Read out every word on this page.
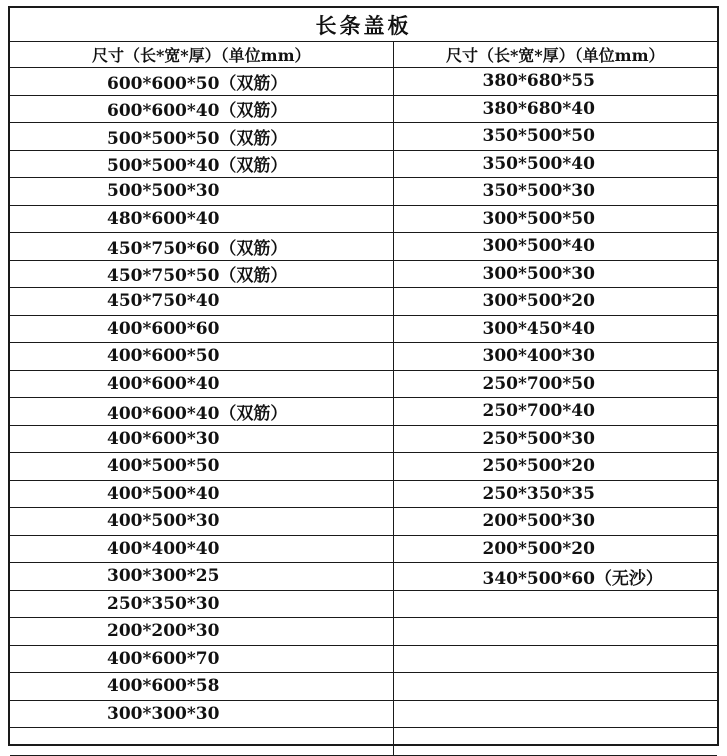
长条盖板	
尺寸（长*宽*厚）（单位mm）	尺寸（长*宽*厚）（单位mm）
600*600*50（双筋）	380*680*55
600*600*40（双筋）	380*680*40
500*500*50（双筋）	350*500*50
500*500*40（双筋）	350*500*40
500*500*30	350*500*30
480*600*40	300*500*50
450*750*60（双筋）	300*500*40
450*750*50（双筋）	300*500*30
450*750*40	300*500*20
400*600*60	300*450*40
400*600*50	300*400*30
400*600*40	250*700*50
400*600*40（双筋）	250*700*40
400*600*30	250*500*30
400*500*50	250*500*20
400*500*40	250*350*35
400*500*30	200*500*30
400*400*40	200*500*20
300*300*25	340*500*60（无沙）
250*350*30	
200*200*30	
400*600*70	
400*600*58	
300*300*30	
